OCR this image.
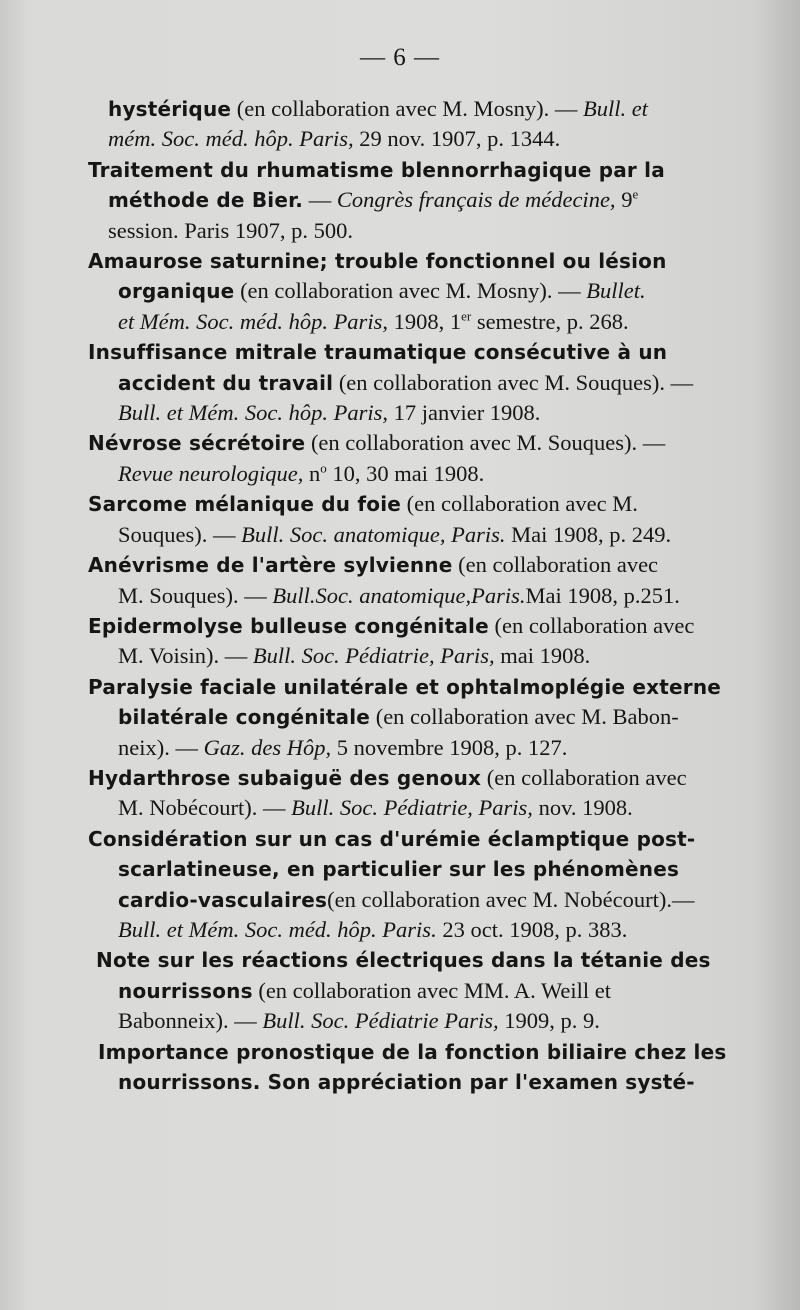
— 6 —
hystérique (en collaboration avec M. Mosny). — Bull. et
mém. Soc. méd. hôp. Paris, 29 nov. 1907, p. 1344.
Traitement du rhumatisme blennorrhagique par la
méthode de Bier. — Congrès français de médecine, 9e
session. Paris 1907, p. 500.
Amaurose saturnine; trouble fonctionnel ou lésion
organique (en collaboration avec M. Mosny). — Bullet.
et Mém. Soc. méd. hôp. Paris, 1908, 1er semestre, p. 268.
Insuffisance mitrale traumatique consécutive à un
accident du travail (en collaboration avec M. Souques). —
Bull. et Mém. Soc. hôp. Paris, 17 janvier 1908.
Névrose sécrétoire (en collaboration avec M. Souques). —
Revue neurologique, $n^o$ 10, 30 mai 1908.
Sarcome mélanique du foie (en collaboration avec M.
Souques). — Bull. Soc. anatomique, Paris. Mai 1908, p. 249.
Anévrisme de l'artère sylvienne (en collaboration avec
M. Souques). — Bull.Soc. anatomique,Paris.Mai 1908, p.251.
Epidermolyse bulleuse congénitale (en collaboration avec
M. Voisin). — Bull. Soc. Pédiatrie, Paris, mai 1908.
Paralysie faciale unilatérale et ophtalmoplégie externe
bilatérale congénitale (en collaboration avec M. Babon-
neix). — Gaz. des Hôp, 5 novembre 1908, p. 127.
Hydarthrose subaiguë des genoux (en collaboration avec
M. Nobécourt). — Bull. Soc. Pédiatrie, Paris, nov. 1908.
Considération sur un cas d'urémie éclamptique post-
scarlatineuse, en particulier sur les phénomènes
cardio-vasculaires(en collaboration avec M. Nobécourt).—
Bull. et Mém. Soc. méd. hôp. Paris. 23 oct. 1908, p. 383.
Note sur les réactions électriques dans la tétanie des
nourrissons (en collaboration avec MM. A. Weill et
Babonneix). — Bull. Soc. Pédiatrie Paris, 1909, p. 9.
Importance pronostique de la fonction biliaire chez les
nourrissons. Son appréciation par l'examen systé-
